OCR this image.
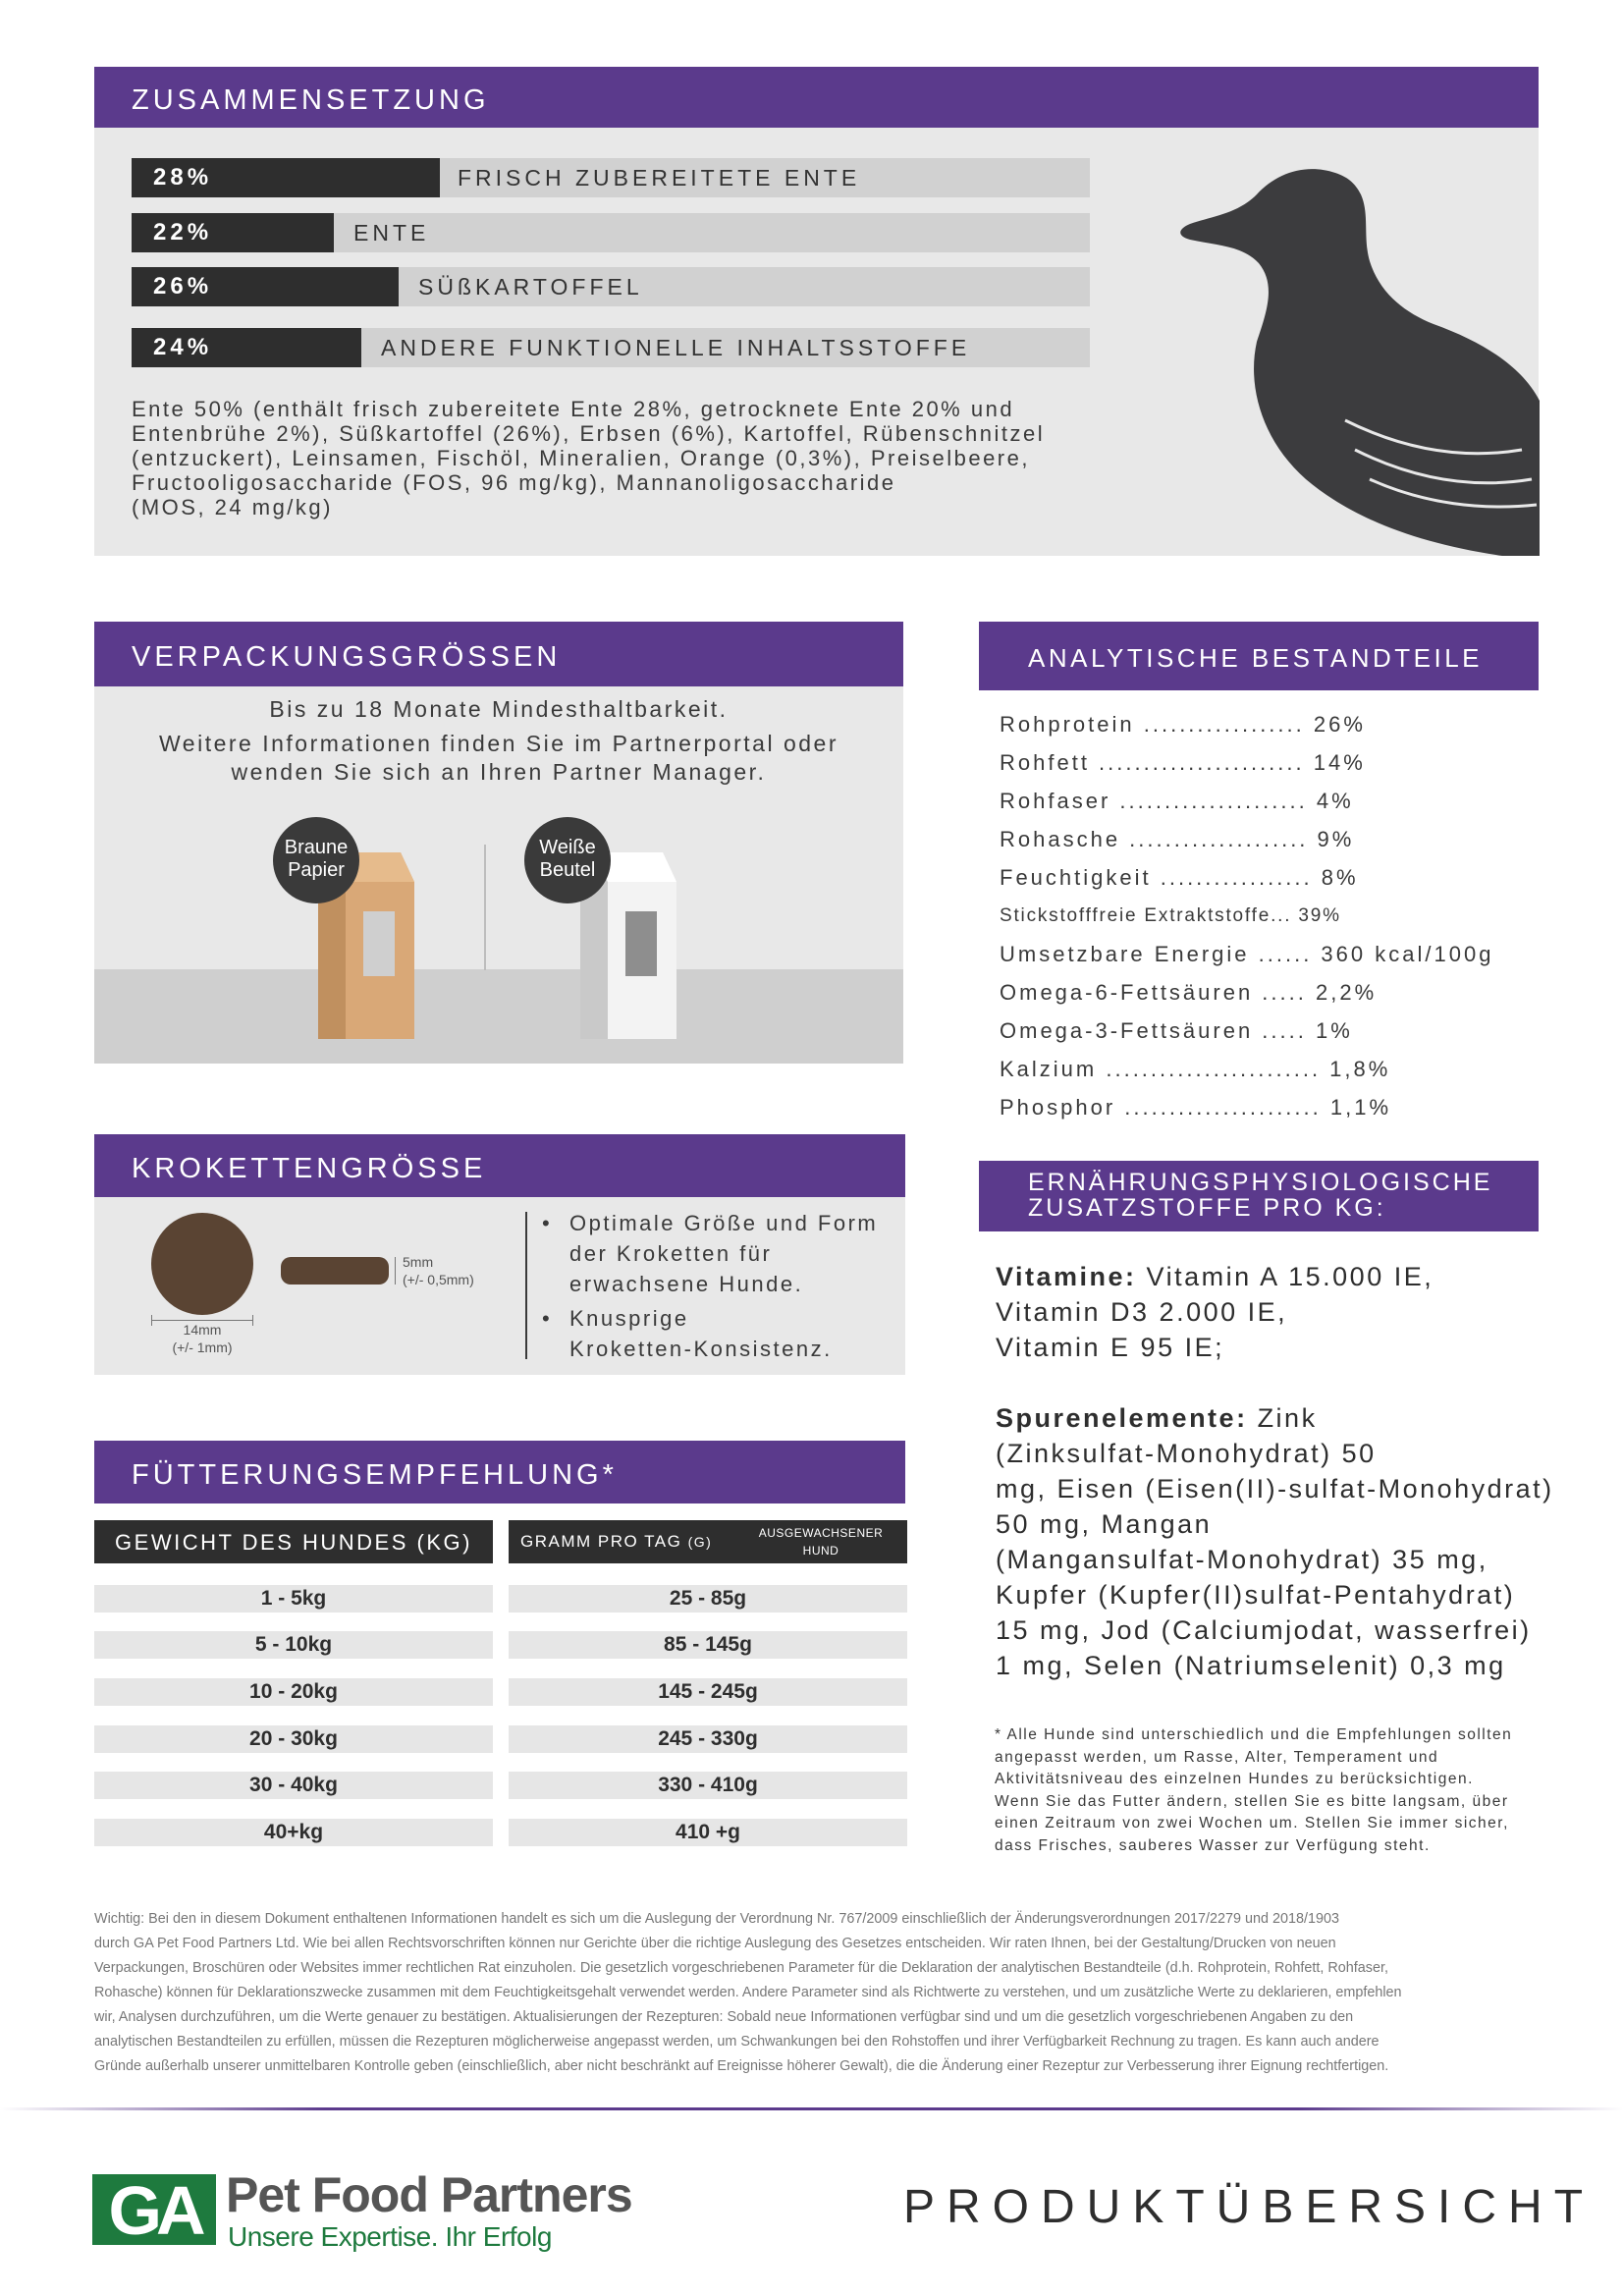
ZUSAMMENSETZUNG
28%	FRISCH ZUBEREITETE ENTE
22%	ENTE
26%	SÜßKARTOFFEL
24%	ANDERE FUNKTIONELLE INHALTSSTOFFE
Ente 50% (enthält frisch zubereitete Ente 28%, getrocknete Ente 20% und
Entenbrühe 2%), Süßkartoffel (26%), Erbsen (6%), Kartoffel, Rübenschnitzel
(entzuckert), Leinsamen, Fischöl, Mineralien, Orange (0,3%), Preiselbeere,
Fructooligosaccharide (FOS, 96 mg/kg), Mannanoligosaccharide
(MOS, 24 mg/kg)
VERPACKUNGSGRÖSSEN
Bis zu 18 Monate Mindesthaltbarkeit.
Weitere Informationen finden Sie im Partnerportal oder
wenden Sie sich an Ihren Partner Manager.
Braune
Papier
Weiße
Beutel
KROKETTENGRÖSSE
14mm
(+/- 1mm)
5mm
(+/- 0,5mm)
• Optimale Größe und Form
der Kroketten für
erwachsene Hunde.
• Knusprige
Kroketten-Konsistenz.
FÜTTERUNGSEMPFEHLUNG*
GEWICHT DES HUNDES (KG)	GRAMM PRO TAG (G)
AUSGEWACHSENER
HUND
1 - 5kg	25 - 85g
5 - 10kg	85 - 145g
10 - 20kg	145 - 245g
20 - 30kg	245 - 330g
30 - 40kg	330 - 410g
40+kg	410 +g
ANALYTISCHE BESTANDTEILE
Rohprotein .................. 26%
Rohfett ....................... 14%
Rohfaser ..................... 4%
Rohasche .................... 9%
Feuchtigkeit ................. 8%
Stickstofffreie Extraktstoffe... 39%
Umsetzbare Energie ...... 360 kcal/100g
Omega-6-Fettsäuren ..... 2,2%
Omega-3-Fettsäuren ..... 1%
Kalzium ........................ 1,8%
Phosphor ...................... 1,1%
ERNÄHRUNGSPHYSIOLOGISCHE
ZUSATZSTOFFE PRO KG:
Vitamine: Vitamin A 15.000 IE,
Vitamin D3 2.000 IE,
Vitamin E 95 IE;
Spurenelemente: Zink
(Zinksulfat-Monohydrat) 50
mg, Eisen (Eisen(II)-sulfat-Monohydrat)
50 mg, Mangan
(Mangansulfat-Monohydrat) 35 mg,
Kupfer (Kupfer(II)sulfat-Pentahydrat)
15 mg, Jod (Calciumjodat, wasserfrei)
1 mg, Selen (Natriumselenit) 0,3 mg
* Alle Hunde sind unterschiedlich und die Empfehlungen sollten
angepasst werden, um Rasse, Alter, Temperament und
Aktivitätsniveau des einzelnen Hundes zu berücksichtigen.
Wenn Sie das Futter ändern, stellen Sie es bitte langsam, über
einen Zeitraum von zwei Wochen um. Stellen Sie immer sicher,
dass Frisches, sauberes Wasser zur Verfügung steht.
Wichtig: Bei den in diesem Dokument enthaltenen Informationen handelt es sich um die Auslegung der Verordnung Nr. 767/2009 einschließlich der Änderungsverordnungen 2017/2279 und 2018/1903
durch GA Pet Food Partners Ltd. Wie bei allen Rechtsvorschriften können nur Gerichte über die richtige Auslegung des Gesetzes entscheiden. Wir raten Ihnen, bei der Gestaltung/Drucken von neuen
Verpackungen, Broschüren oder Websites immer rechtlichen Rat einzuholen. Die gesetzlich vorgeschriebenen Parameter für die Deklaration der analytischen Bestandteile (d.h. Rohprotein, Rohfett, Rohfaser,
Rohasche) können für Deklarationszwecke zusammen mit dem Feuchtigkeitsgehalt verwendet werden. Andere Parameter sind als Richtwerte zu verstehen, und um zusätzliche Werte zu deklarieren, empfehlen
wir, Analysen durchzuführen, um die Werte genauer zu bestätigen. Aktualisierungen der Rezepturen: Sobald neue Informationen verfügbar sind und um die gesetzlich vorgeschriebenen Angaben zu den
analytischen Bestandteilen zu erfüllen, müssen die Rezepturen möglicherweise angepasst werden, um Schwankungen bei den Rohstoffen und ihrer Verfügbarkeit Rechnung zu tragen. Es kann auch andere
Gründe außerhalb unserer unmittelbaren Kontrolle geben (einschließlich, aber nicht beschränkt auf Ereignisse höherer Gewalt), die die Änderung einer Rezeptur zur Verbesserung ihrer Eignung rechtfertigen.
GA Pet Food Partners
Unsere Expertise. Ihr Erfolg
PRODUKTÜBERSICHT
